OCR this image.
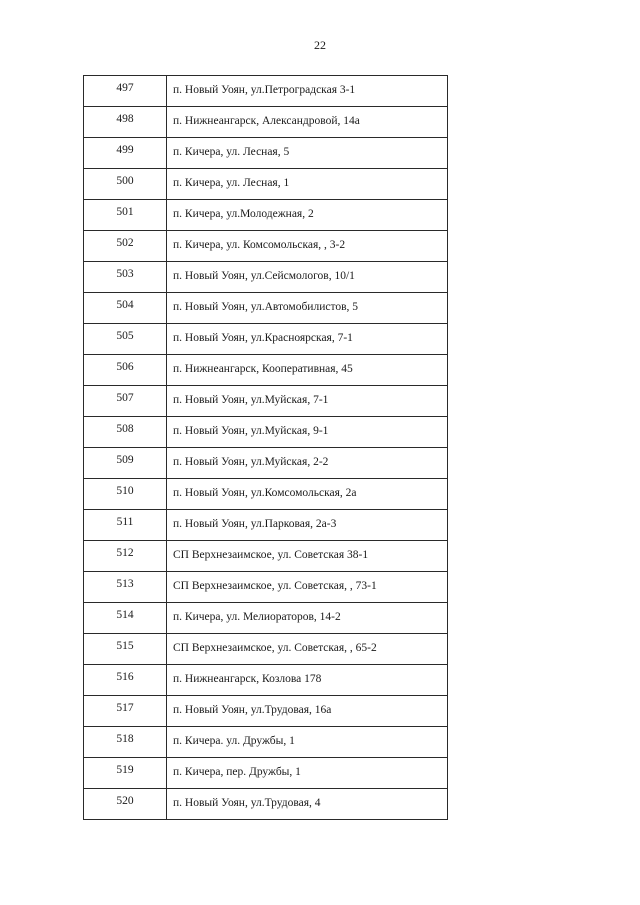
22
497	п. Новый Уоян, ул.Петроградская 3-1
498	п. Нижнеангарск, Александровой, 14а
499	п. Кичера, ул. Лесная, 5
500	п. Кичера, ул. Лесная, 1
501	п. Кичера, ул.Молодежная, 2
502	п. Кичера, ул. Комсомольская, , 3-2
503	п. Новый Уоян, ул.Сейсмологов, 10/1
504	п. Новый Уоян, ул.Автомобилистов, 5
505	п. Новый Уоян, ул.Красноярская, 7-1
506	п. Нижнеангарск, Кооперативная, 45
507	п. Новый Уоян, ул.Муйская, 7-1
508	п. Новый Уоян, ул.Муйская, 9-1
509	п. Новый Уоян, ул.Муйская, 2-2
510	п. Новый Уоян, ул.Комсомольская, 2а
511	п. Новый Уоян, ул.Парковая, 2а-3
512	СП Верхнезаимское, ул. Советская 38-1
513	СП Верхнезаимское, ул. Советская, , 73-1
514	п. Кичера, ул. Мелиораторов, 14-2
515	СП Верхнезаимское, ул. Советская, , 65-2
516	п. Нижнеангарск, Козлова 178
517	п. Новый Уоян, ул.Трудовая, 16а
518	п. Кичера. ул. Дружбы, 1
519	п. Кичера, пер. Дружбы, 1
520	п. Новый Уоян, ул.Трудовая, 4
